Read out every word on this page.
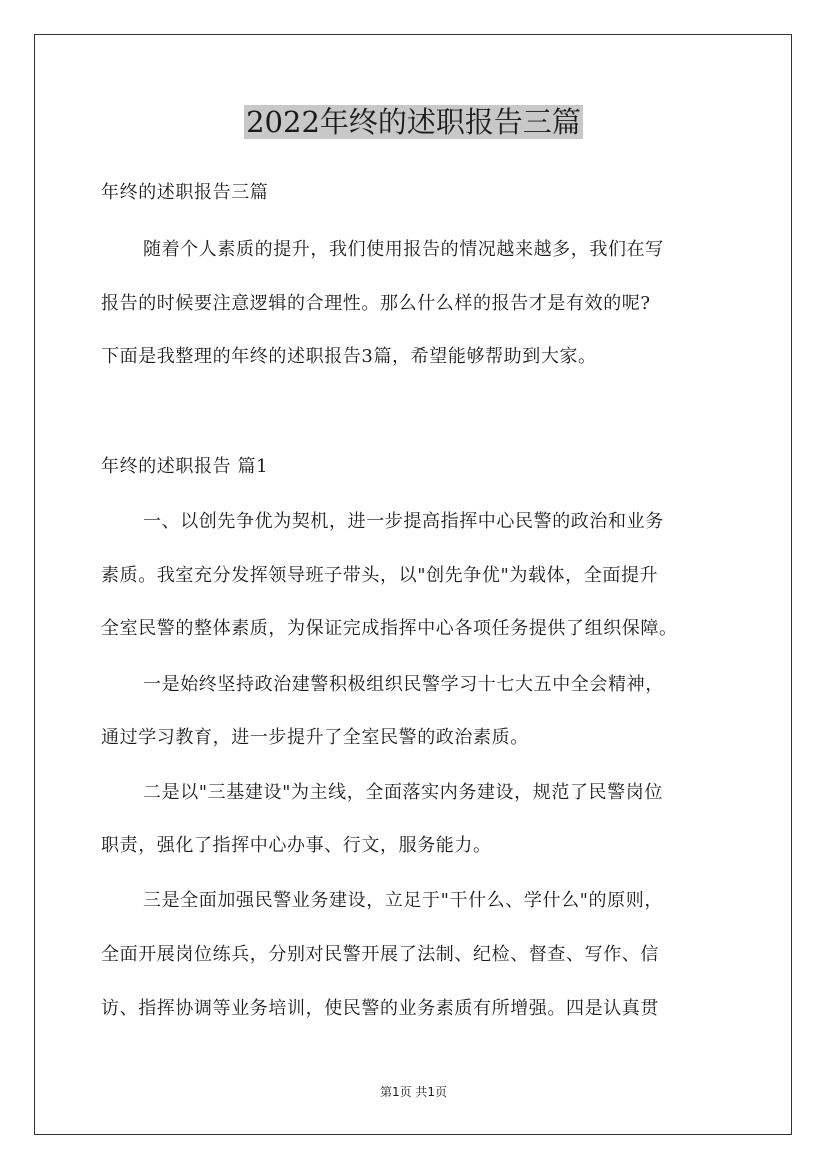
2022年终的述职报告三篇
年终的述职报告三篇
随着个人素质的提升，我们使用报告的情况越来越多，我们在写
报告的时候要注意逻辑的合理性。那么什么样的报告才是有效的呢?
下面是我整理的年终的述职报告3篇，希望能够帮助到大家。
年终的述职报告 篇1
一、以创先争优为契机，进一步提高指挥中心民警的政治和业务
素质。我室充分发挥领导班子带头，以"创先争优"为载体，全面提升
全室民警的整体素质，为保证完成指挥中心各项任务提供了组织保障。
一是始终坚持政治建警积极组织民警学习十七大五中全会精神，
通过学习教育，进一步提升了全室民警的政治素质。
二是以"三基建设"为主线，全面落实内务建设，规范了民警岗位
职责，强化了指挥中心办事、行文，服务能力。
三是全面加强民警业务建设，立足于"干什么、学什么"的原则，
全面开展岗位练兵，分别对民警开展了法制、纪检、督查、写作、信
访、指挥协调等业务培训，使民警的业务素质有所增强。四是认真贯
第1页 共1页
